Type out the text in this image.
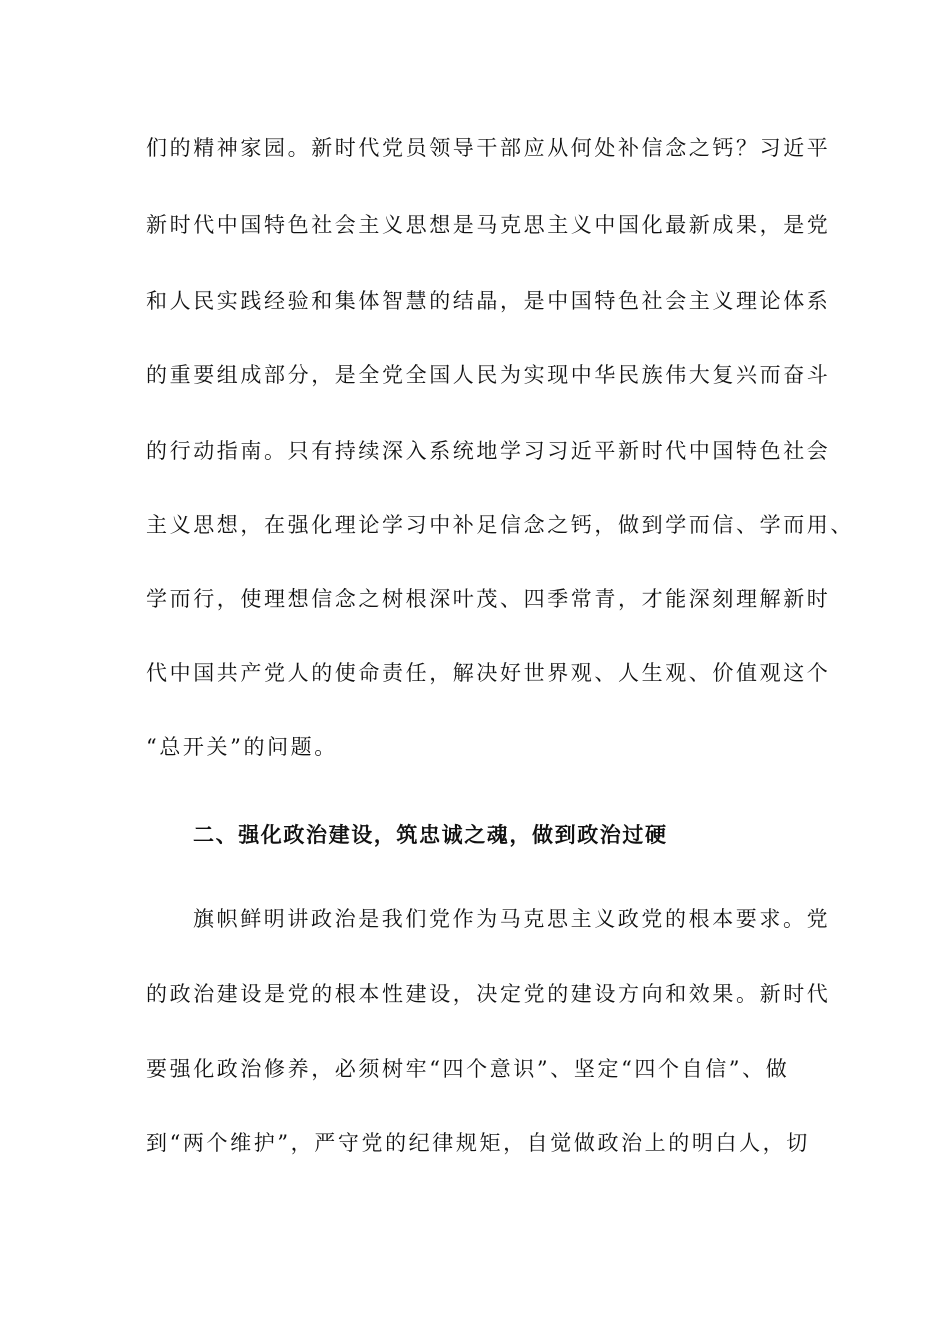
们的精神家园。新时代党员领导干部应从何处补信念之钙？习近平
新时代中国特色社会主义思想是马克思主义中国化最新成果，是党
和人民实践经验和集体智慧的结晶，是中国特色社会主义理论体系
的重要组成部分，是全党全国人民为实现中华民族伟大复兴而奋斗
的行动指南。只有持续深入系统地学习习近平新时代中国特色社会
主义思想，在强化理论学习中补足信念之钙，做到学而信、学而用、
学而行，使理想信念之树根深叶茂、四季常青，才能深刻理解新时
代中国共产党人的使命责任，解决好世界观、人生观、价值观这个
“总开关”的问题。
二、强化政治建设，筑忠诚之魂，做到政治过硬
旗帜鲜明讲政治是我们党作为马克思主义政党的根本要求。党
的政治建设是党的根本性建设，决定党的建设方向和效果。新时代
要强化政治修养，必须树牢“四个意识”、坚定“四个自信”、做
到“两个维护”，严守党的纪律规矩，自觉做政治上的明白人，切
